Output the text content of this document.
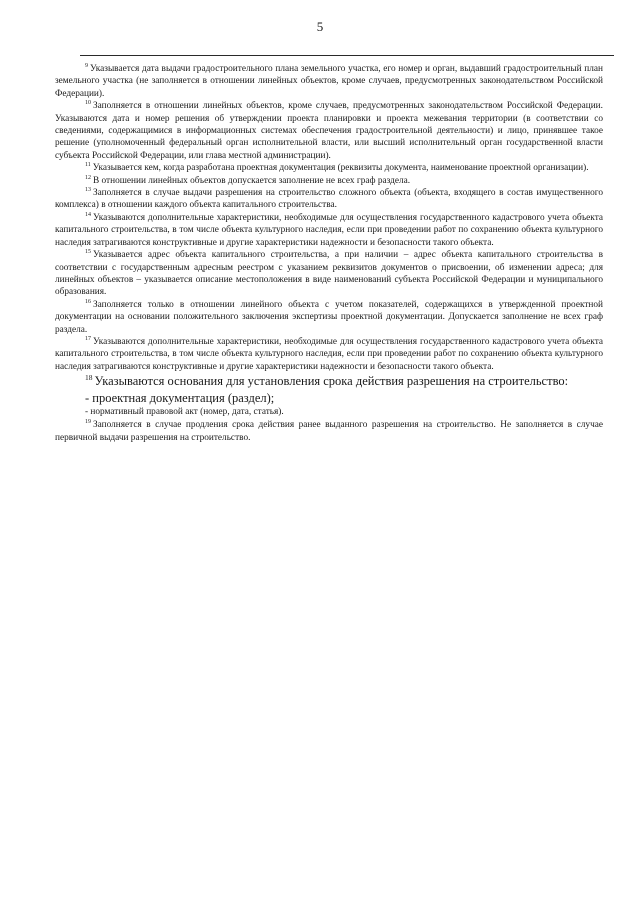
5

$^9$ Указывается дата выдачи градостроительного плана земельного участка, его номер и орган, выдавший градостроительный план земельного участка (не заполняется в отношении линейных объектов, кроме случаев, предусмотренных законодательством Российской Федерации).

$^{10}$ Заполняется в отношении линейных объектов, кроме случаев, предусмотренных законодательством Российской Федерации. Указываются дата и номер решения об утверждении проекта планировки и проекта межевания территории (в соответствии со сведениями, содержащимися в информационных системах обеспечения градостроительной деятельности) и лицо, принявшее такое решение (уполномоченный федеральный орган исполнительной власти, или высший исполнительный орган государственной власти субъекта Российской Федерации, или глава местной администрации).

$^{11}$ Указывается кем, когда разработана проектная документация (реквизиты документа, наименование проектной организации).

$^{12}$ В отношении линейных объектов допускается заполнение не всех граф раздела.

$^{13}$ Заполняется в случае выдачи разрешения на строительство сложного объекта (объекта, входящего в состав имущественного комплекса) в отношении каждого объекта капитального строительства.

$^{14}$ Указываются дополнительные характеристики, необходимые для осуществления государственного кадастрового учета объекта капитального строительства, в том числе объекта культурного наследия, если при проведении работ по сохранению объекта культурного наследия затрагиваются конструктивные и другие характеристики надежности и безопасности такого объекта.

$^{15}$ Указывается адрес объекта капитального строительства, а при наличии – адрес объекта капитального строительства в соответствии с государственным адресным реестром с указанием реквизитов документов о присвоении, об изменении адреса; для линейных объектов – указывается описание местоположения в виде наименований субъекта Российской Федерации и муниципального образования.

$^{16}$ Заполняется только в отношении линейного объекта с учетом показателей, содержащихся в утвержденной проектной документации на основании положительного заключения экспертизы проектной документации. Допускается заполнение не всех граф раздела.

$^{17}$ Указываются дополнительные характеристики, необходимые для осуществления государственного кадастрового учета объекта капитального строительства, в том числе объекта культурного наследия, если при проведении работ по сохранению объекта культурного наследия затрагиваются конструктивные и другие характеристики надежности и безопасности такого объекта.

$^{18}$ Указываются основания для установления срока действия разрешения на строительство:

- проектная документация (раздел);

- нормативный правовой акт (номер, дата, статья).

$^{19}$ Заполняется в случае продления срока действия ранее выданного разрешения на строительство. Не заполняется в случае первичной выдачи разрешения на строительство.
